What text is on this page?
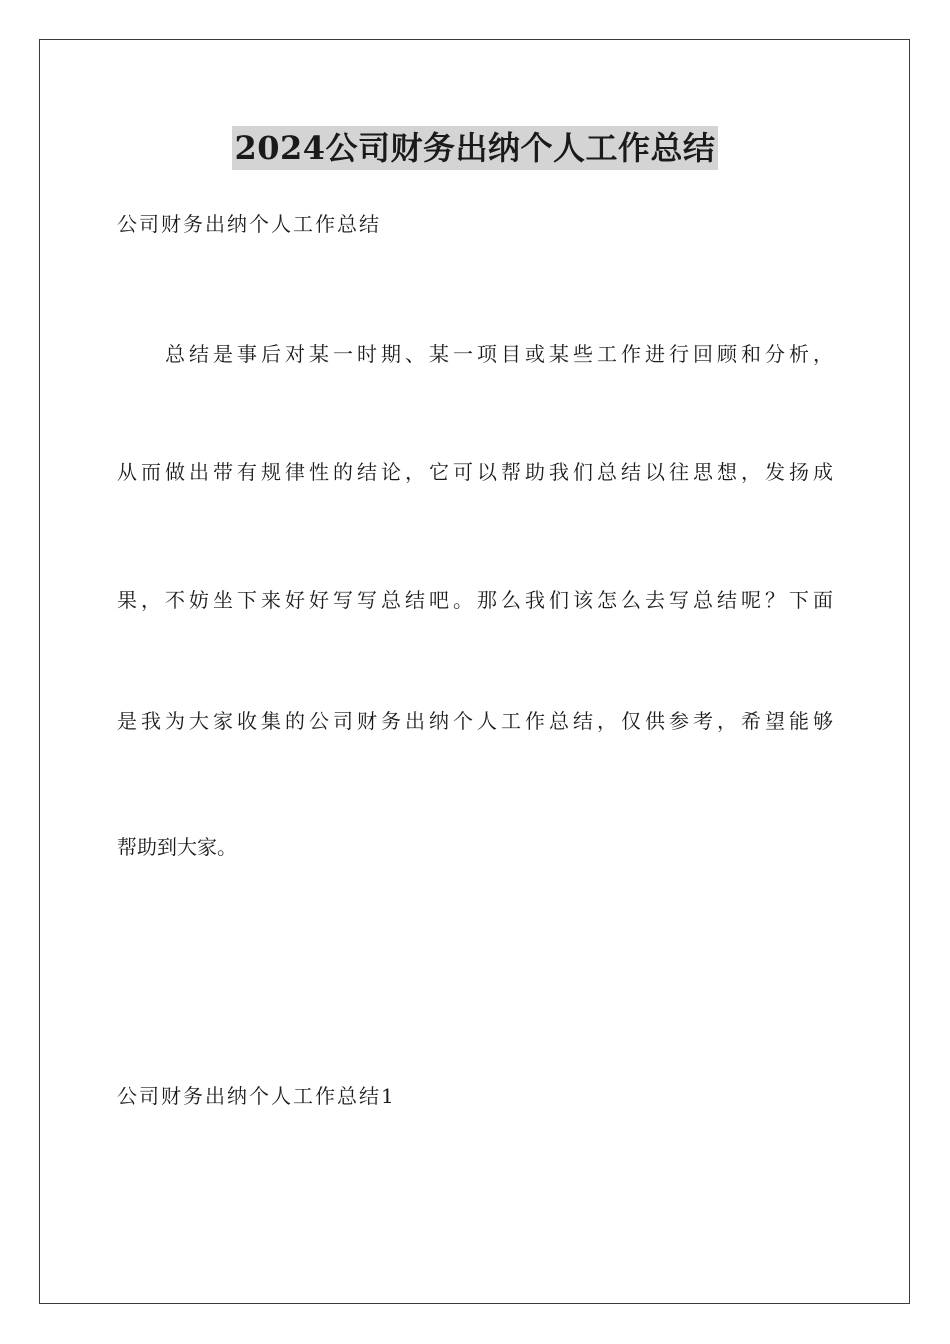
2024公司财务出纳个人工作总结

公司财务出纳个人工作总结

总结是事后对某一时期、某一项目或某些工作进行回顾和分析，

从而做出带有规律性的结论，它可以帮助我们总结以往思想，发扬成

果，不妨坐下来好好写写总结吧。那么我们该怎么去写总结呢？下面

是我为大家收集的公司财务出纳个人工作总结，仅供参考，希望能够

帮助到大家。

公司财务出纳个人工作总结1
